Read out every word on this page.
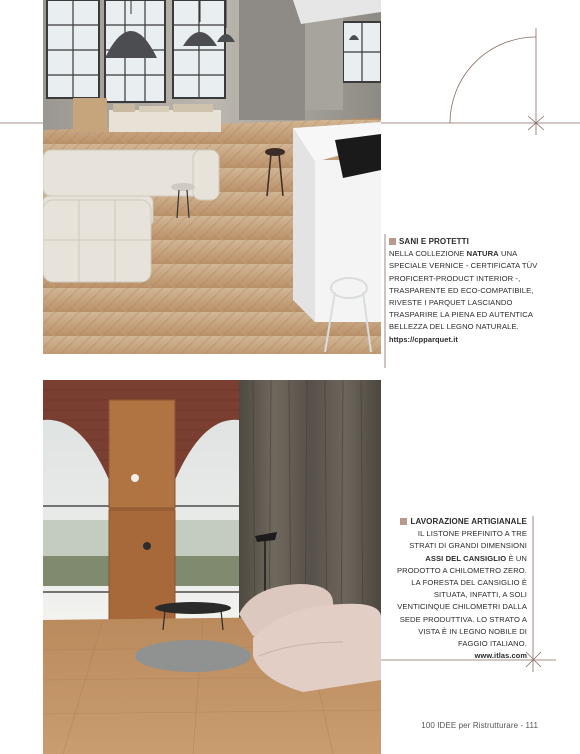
SANI E PROTETTI
NELLA COLLEZIONE NATURA UNA SPECIALE VERNICE - CERTIFICATA TÜV PROFICERT-PRODUCT INTERIOR -, TRASPARENTE ED ECO-COMPATIBILE, RIVESTE I PARQUET LASCIANDO TRASPARIRE LA PIENA ED AUTENTICA BELLEZZA DEL LEGNO NATURALE.
https://cpparquet.it
LAVORAZIONE ARTIGIANALE
IL LISTONE PREFINITO A TRE STRATI DI GRANDI DIMENSIONI ASSI DEL CANSIGLIO È UN PRODOTTO A CHILOMETRO ZERO. LA FORESTA DEL CANSIGLIO È SITUATA, INFATTI, A SOLI VENTICINQUE CHILOMETRI DALLA SEDE PRODUTTIVA. LO STRATO A VISTA È IN LEGNO NOBILE DI FAGGIO ITALIANO.
www.itlas.com
100 IDEE per Ristrutturare - 111
